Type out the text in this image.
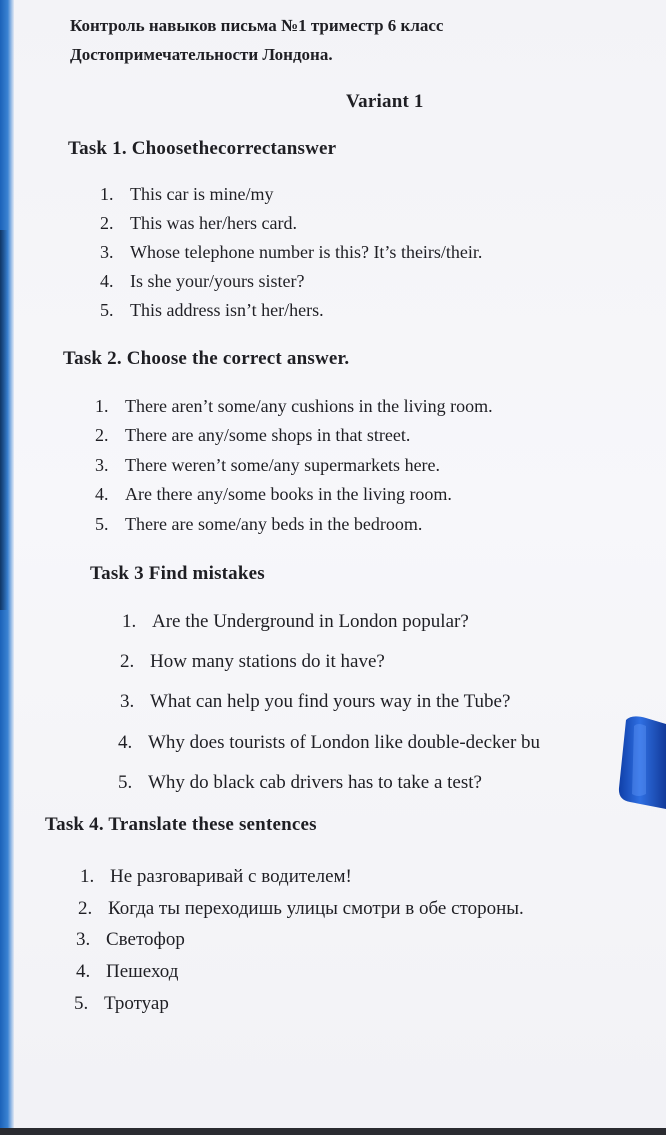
Контроль навыков письма №1 триместр 6 класс
Достопримечательности Лондона.
Variant 1
Task 1. Choosethecorrectanswer
1. This car is mine/my
2. This was her/hers card.
3. Whose telephone number is this? It’s theirs/their.
4. Is she your/yours sister?
5. This address isn’t her/hers.
Task 2. Choose the correct answer.
1. There aren’t some/any cushions in the living room.
2. There are any/some shops in that street.
3. There weren’t some/any supermarkets here.
4. Are there any/some books in the living room.
5. There are some/any beds in the bedroom.
Task 3 Find mistakes
1. Are the Underground in London popular?
2. How many stations do it have?
3. What can help you find yours way in the Tube?
4. Why does tourists of London like double-decker bu
5. Why do black cab drivers has to take a test?
Task 4. Translate these sentences
1. Не разговаривай с водителем!
2. Когда ты переходишь улицы смотри в обе стороны.
3. Светофор
4. Пешеход
5. Тротуар
